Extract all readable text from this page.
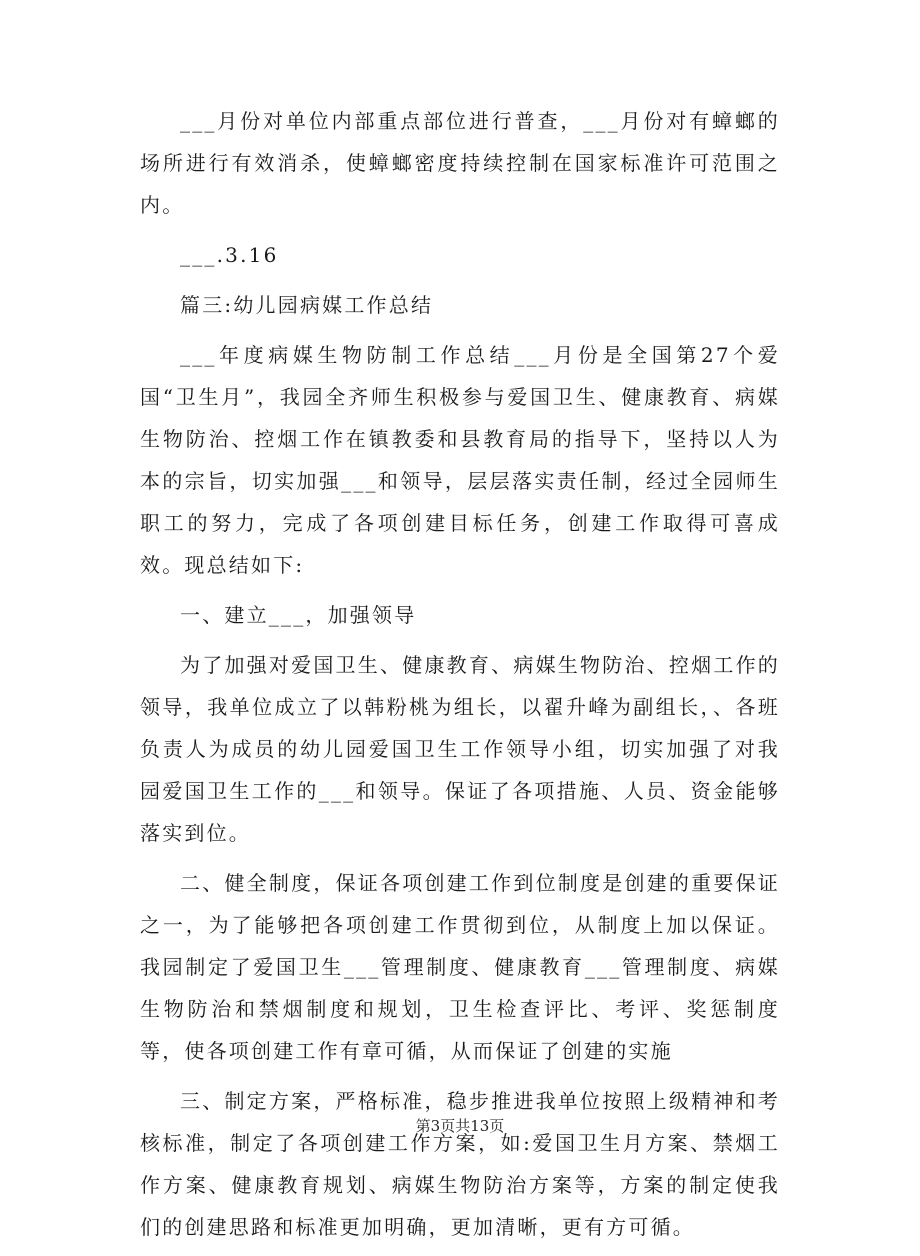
___月份对单位内部重点部位进行普查，___月份对有蟑螂的场所进行有效消杀，使蟑螂密度持续控制在国家标准许可范围之内。

___.3.16

篇三:幼儿园病媒工作总结

___年度病媒生物防制工作总结___月份是全国第27个爱国“卫生月”，我园全齐师生积极参与爱国卫生、健康教育、病媒生物防治、控烟工作在镇教委和县教育局的指导下，坚持以人为本的宗旨，切实加强___和领导，层层落实责任制，经过全园师生职工的努力，完成了各项创建目标任务，创建工作取得可喜成效。现总结如下:

一、建立___，加强领导

为了加强对爱国卫生、健康教育、病媒生物防治、控烟工作的领导，我单位成立了以韩粉桃为组长，以翟升峰为副组长，、各班负责人为成员的幼儿园爱国卫生工作领导小组，切实加强了对我园爱国卫生工作的___和领导。保证了各项措施、人员、资金能够落实到位。

二、健全制度，保证各项创建工作到位制度是创建的重要保证之一，为了能够把各项创建工作贯彻到位，从制度上加以保证。我园制定了爱国卫生___管理制度、健康教育___管理制度、病媒生物防治和禁烟制度和规划，卫生检查评比、考评、奖惩制度等，使各项创建工作有章可循，从而保证了创建的实施

三、制定方案，严格标准，稳步推进我单位按照上级精神和考核标准，制定了各项创建工作方案，如:爱国卫生月方案、禁烟工作方案、健康教育规划、病媒生物防治方案等，方案的制定使我们的创建思路和标准更加明确，更加清晰，更有方可循。

第3页共13页
